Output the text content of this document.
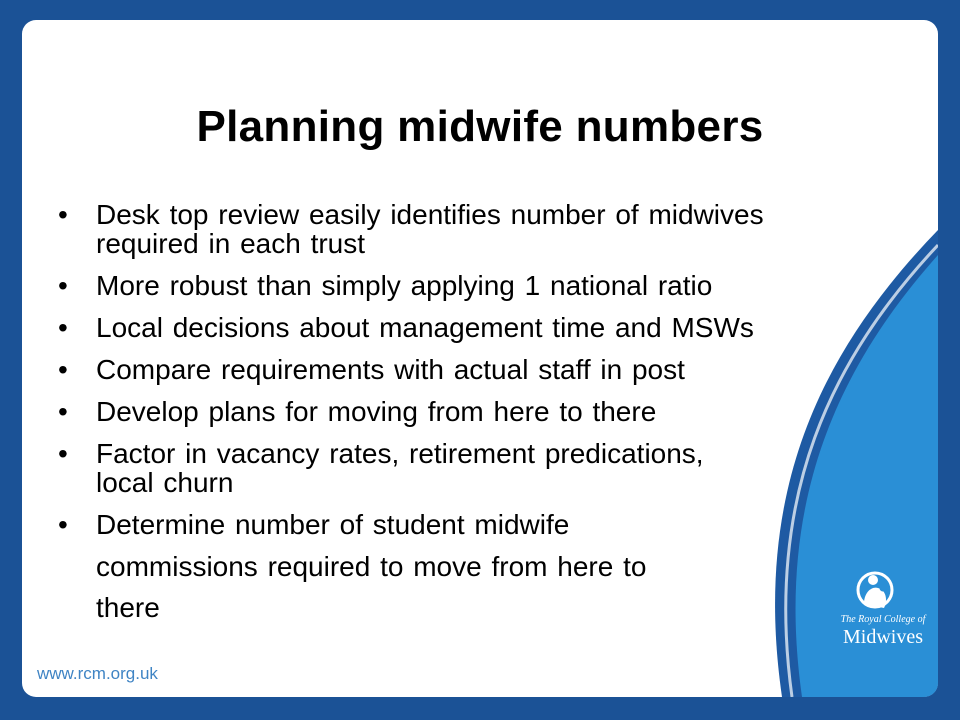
Planning midwife numbers
• Desk top review easily identifies number of midwives
required in each trust
• More robust than simply applying 1 national ratio
• Local decisions about management time and MSWs
• Compare requirements with actual staff in post
• Develop plans for moving from here to there
• Factor in vacancy rates, retirement predications,
local churn
• Determine number of student midwife
commissions required to move from here to
there
www.rcm.org.uk
The Royal College of
Midwives
